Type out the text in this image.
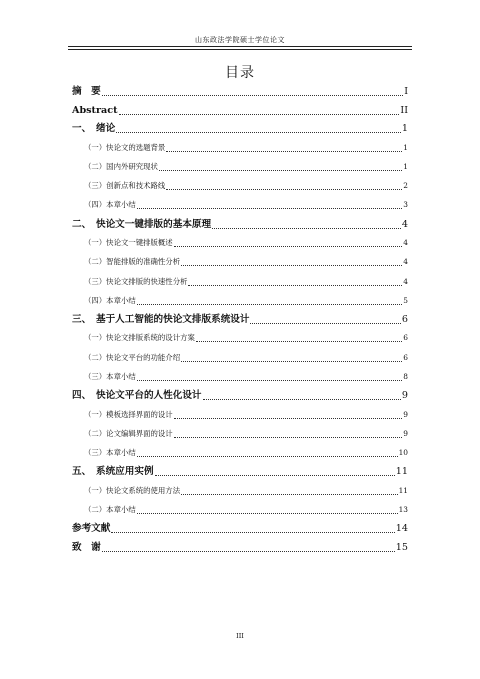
山东政法学院硕士学位论文
目录
摘　要	I
Abstract	II
一、　绪论	1
（一）快论文的选题背景	1
（二）国内外研究现状	1
（三）创新点和技术路线	2
（四）本章小结	3
二、　快论文一键排版的基本原理	4
（一）快论文一键排版概述	4
（二）智能排版的准确性分析	4
（三）快论文排版的快速性分析	4
（四）本章小结	5
三、　基于人工智能的快论文排版系统设计	6
（一）快论文排版系统的设计方案	6
（二）快论文平台的功能介绍	6
（三）本章小结	8
四、　快论文平台的人性化设计	9
（一）模板选择界面的设计	9
（二）论文编辑界面的设计	9
（三）本章小结	10
五、　系统应用实例	11
（一）快论文系统的使用方法	11
（二）本章小结	13
参考文献	14
致　谢	15
III
